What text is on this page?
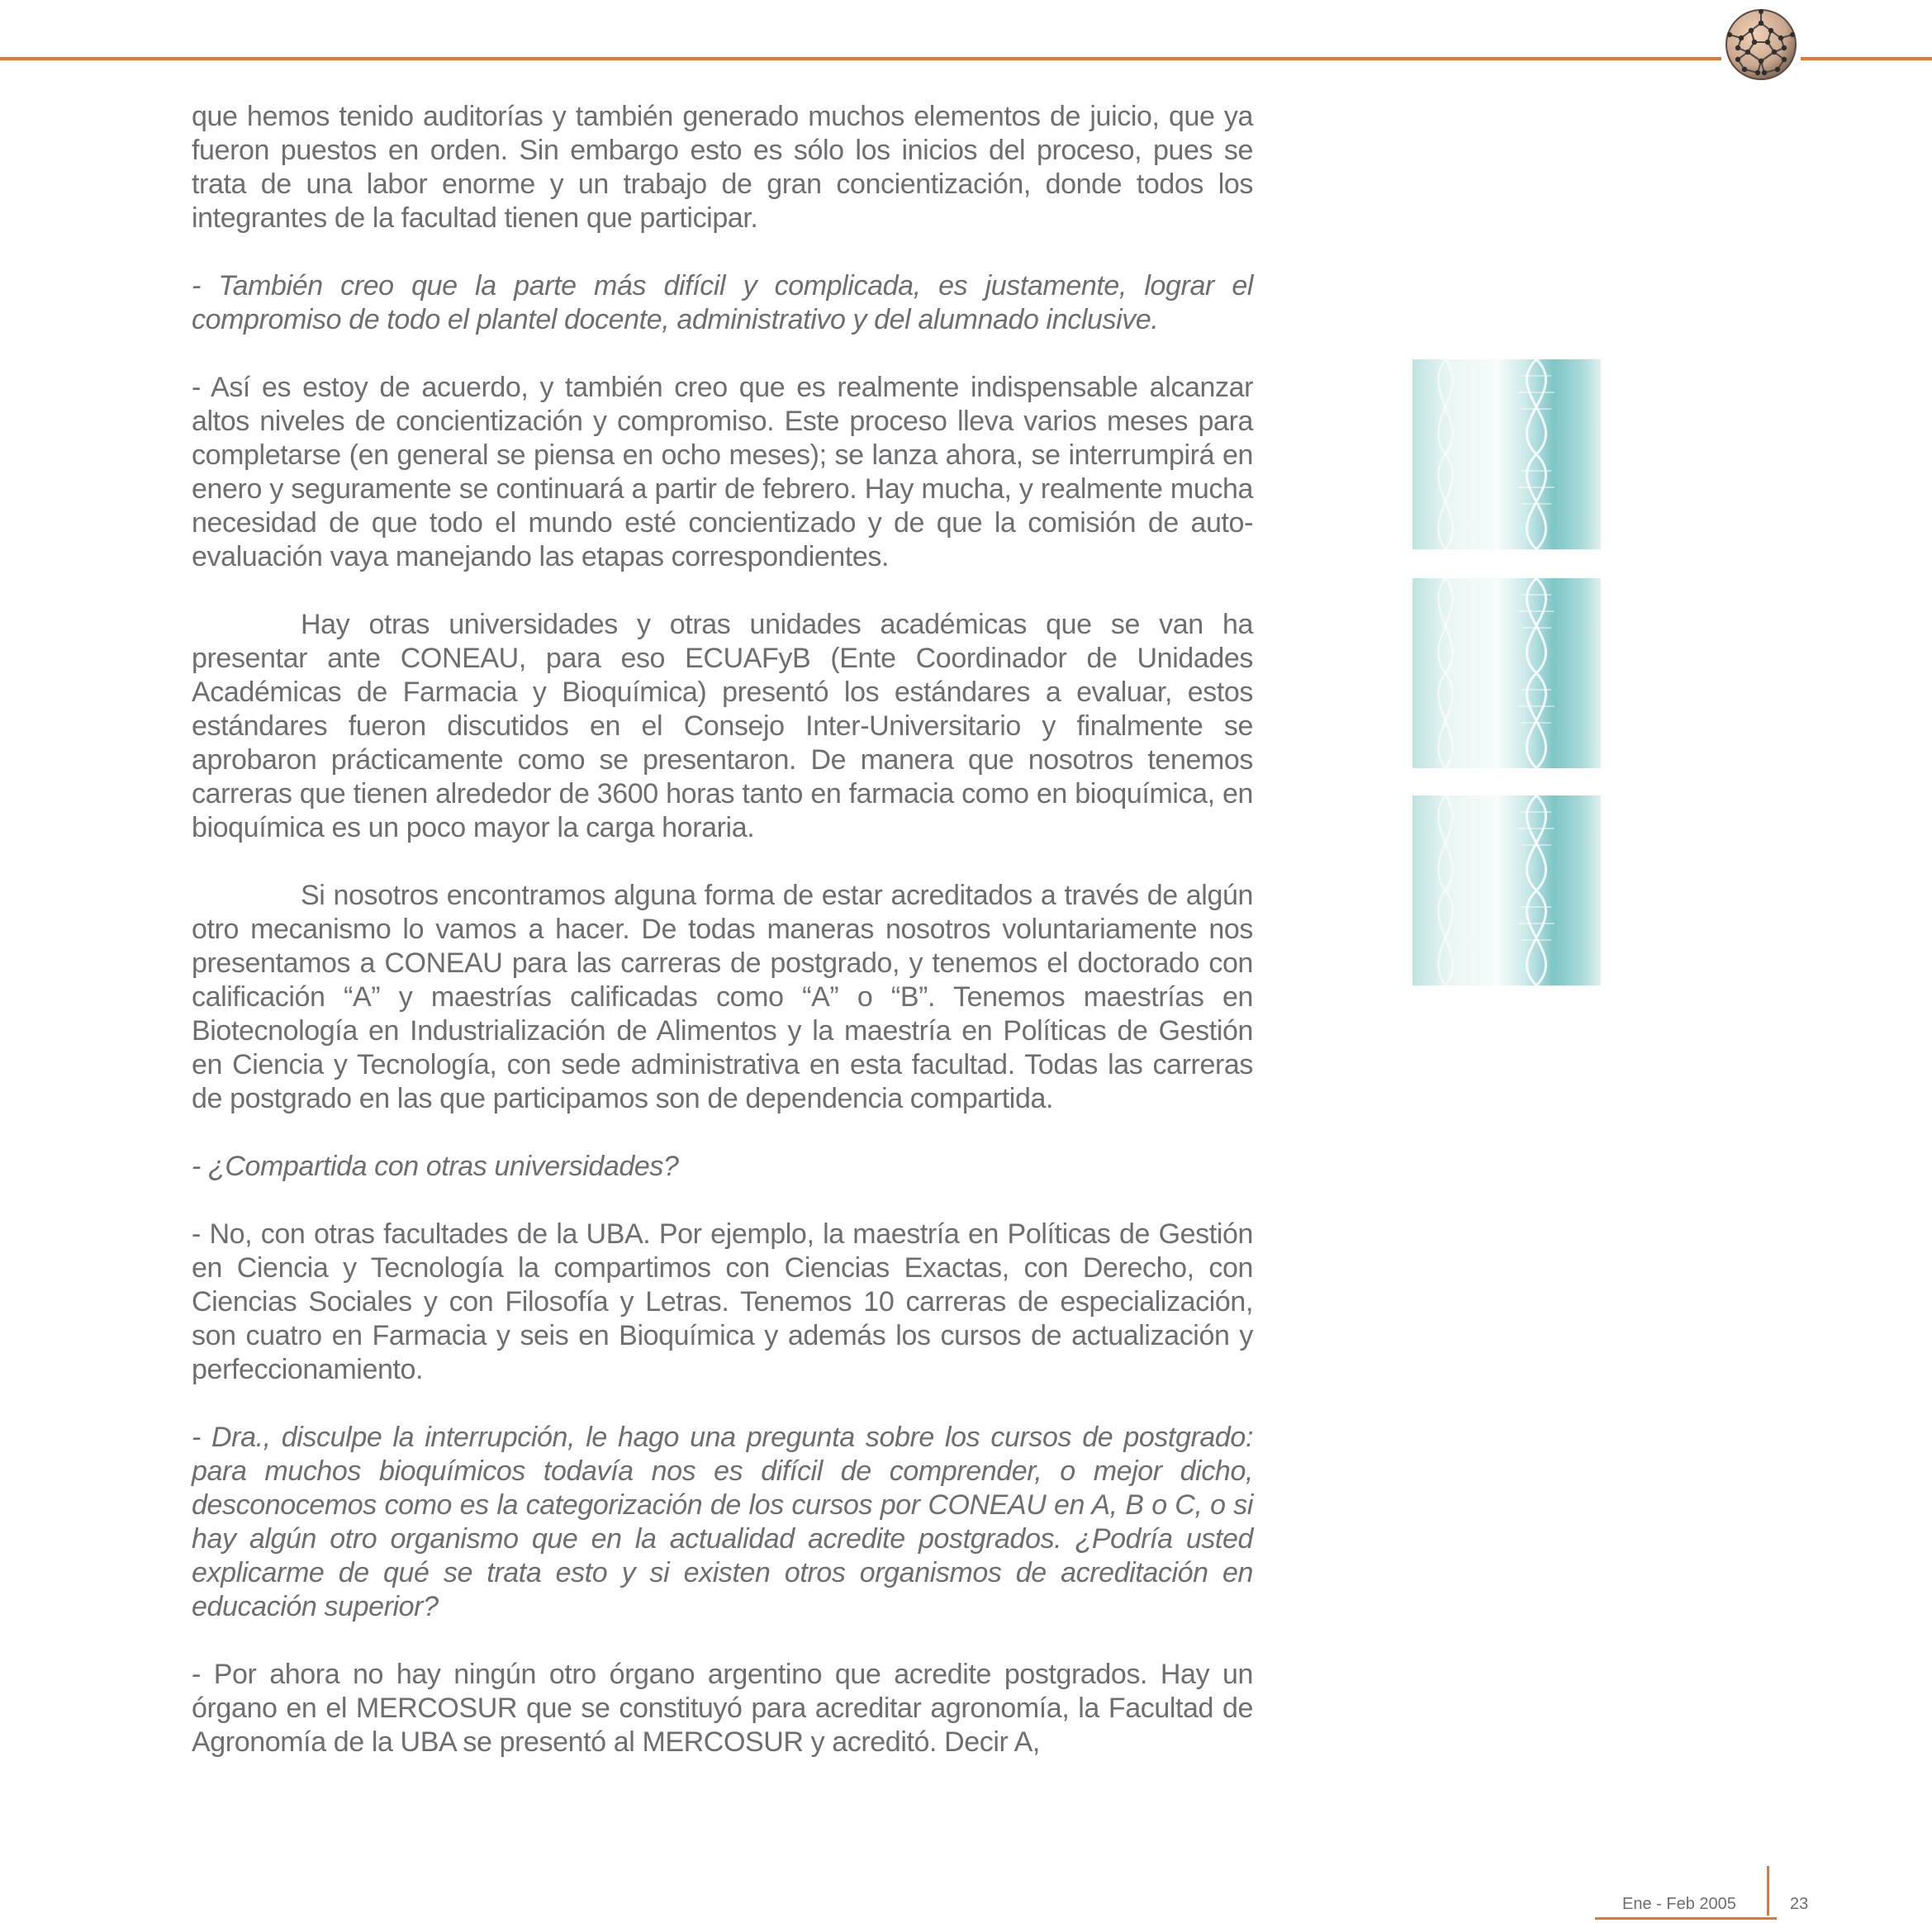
que hemos tenido auditorías y también generado muchos elementos de juicio, que ya fueron puestos en orden. Sin embargo esto es sólo los inicios del proceso, pues se trata de una labor enorme y un trabajo de gran concientización, donde todos los integrantes de la facultad tienen que participar.

- También creo que la parte más difícil y complicada, es justamente, lograr el compromiso de todo el plantel docente, administrativo y del alumnado inclusive.

- Así es estoy de acuerdo, y también creo que es realmente indispensable alcanzar altos niveles de concientización y compromiso. Este proceso lleva varios meses para completarse (en general se piensa en ocho meses); se lanza ahora, se interrumpirá en enero y seguramente se continuará a partir de febrero. Hay mucha, y realmente mucha necesidad de que todo el mundo esté concientizado y de que la comisión de auto-evaluación vaya manejando las etapas correspondientes.

Hay otras universidades y otras unidades académicas que se van ha presentar ante CONEAU, para eso ECUAFyB (Ente Coordinador de Unidades Académicas de Farmacia y Bioquímica) presentó los estándares a evaluar, estos estándares fueron discutidos en el Consejo Inter-Universitario y finalmente se aprobaron prácticamente como se presentaron. De manera que nosotros tenemos carreras que tienen alrededor de 3600 horas tanto en farmacia como en bioquímica, en bioquímica es un poco mayor la carga horaria.

Si nosotros encontramos alguna forma de estar acreditados a través de algún otro mecanismo lo vamos a hacer. De todas maneras nosotros voluntariamente nos presentamos a CONEAU para las carreras de postgrado, y tenemos el doctorado con calificación “A” y maestrías calificadas como “A” o “B”. Tenemos maestrías en Biotecnología en Industrialización de Alimentos y la maestría en Políticas de Gestión en Ciencia y Tecnología, con sede administrativa en esta facultad. Todas las carreras de postgrado en las que participamos son de dependencia compartida.

- ¿Compartida con otras universidades?

- No, con otras facultades de la UBA. Por ejemplo, la maestría en Políticas de Gestión en Ciencia y Tecnología la compartimos con Ciencias Exactas, con Derecho, con Ciencias Sociales y con Filosofía y Letras. Tenemos 10 carreras de especialización, son cuatro en Farmacia y seis en Bioquímica y además los cursos de actualización y perfeccionamiento.

- Dra., disculpe la interrupción, le hago una pregunta sobre los cursos de postgrado: para muchos bioquímicos todavía nos es difícil de comprender, o mejor dicho, desconocemos como es la categorización de los cursos por CONEAU en A, B o C, o si hay algún otro organismo que en la actualidad acredite postgrados. ¿Podría usted explicarme de qué se trata esto y si existen otros organismos de acreditación en educación superior?

- Por ahora no hay ningún otro órgano argentino que acredite postgrados. Hay un órgano en el MERCOSUR que se constituyó para acreditar agronomía, la Facultad de Agronomía de la UBA se presentó al MERCOSUR y acreditó. Decir A,

Ene - Feb 2005	23
